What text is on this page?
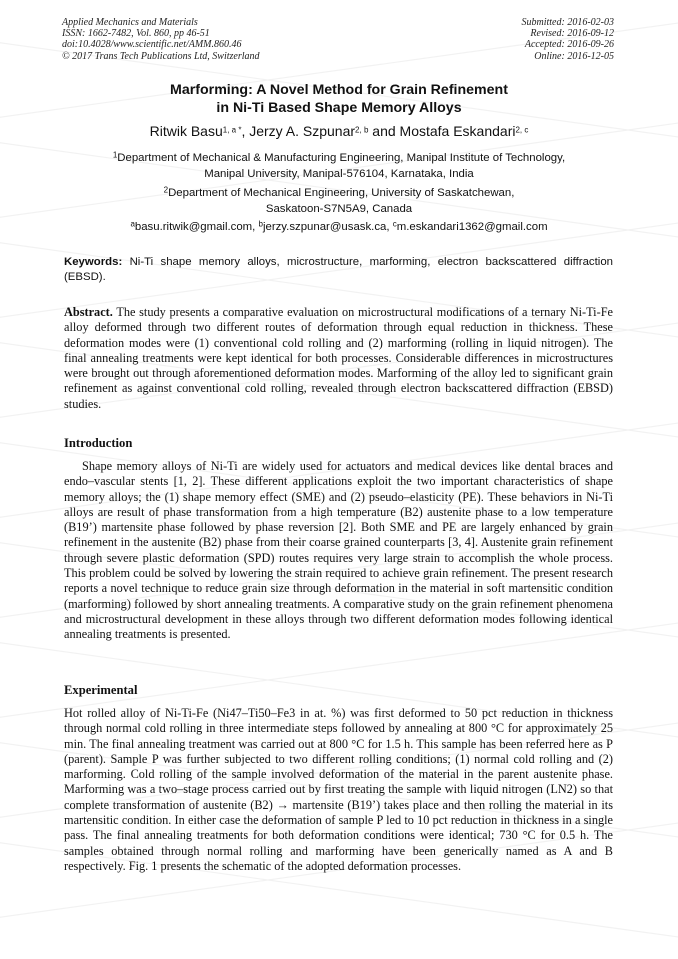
Applied Mechanics and Materials
ISSN: 1662-7482, Vol. 860, pp 46-51
doi:10.4028/www.scientific.net/AMM.860.46
© 2017 Trans Tech Publications Ltd, Switzerland
Submitted: 2016-02-03
Revised: 2016-09-12
Accepted: 2016-09-26
Online: 2016-12-05
Marforming: A Novel Method for Grain Refinement
in Ni-Ti Based Shape Memory Alloys
Ritwik Basu$^{1, a *}$, Jerzy A. Szpunar$^{2, b}$ and Mostafa Eskandari$^{2, c}$
$^1$Department of Mechanical & Manufacturing Engineering, Manipal Institute of Technology,
Manipal University, Manipal-576104, Karnataka, India
$^2$Department of Mechanical Engineering, University of Saskatchewan,
Saskatoon-S7N5A9, Canada
$^a$basu.ritwik@gmail.com, $^b$jerzy.szpunar@usask.ca, $^c$m.eskandari1362@gmail.com
Keywords: Ni-Ti shape memory alloys, microstructure, marforming, electron backscattered diffraction (EBSD).
Abstract. The study presents a comparative evaluation on microstructural modifications of a ternary Ni-Ti-Fe alloy deformed through two different routes of deformation through equal reduction in thickness. These deformation modes were (1) conventional cold rolling and (2) marforming (rolling in liquid nitrogen). The final annealing treatments were kept identical for both processes. Considerable differences in microstructures were brought out through aforementioned deformation modes. Marforming of the alloy led to significant grain refinement as against conventional cold rolling, revealed through electron backscattered diffraction (EBSD) studies.
Introduction
Shape memory alloys of Ni-Ti are widely used for actuators and medical devices like dental braces and endo–vascular stents [1, 2]. These different applications exploit the two important characteristics of shape memory alloys; the (1) shape memory effect (SME) and (2) pseudo–elasticity (PE). These behaviors in Ni-Ti alloys are result of phase transformation from a high temperature (B2) austenite phase to a low temperature (B19’) martensite phase followed by phase reversion [2]. Both SME and PE are largely enhanced by grain refinement in the austenite (B2) phase from their coarse grained counterparts [3, 4]. Austenite grain refinement through severe plastic deformation (SPD) routes requires very large strain to accomplish the whole process. This problem could be solved by lowering the strain required to achieve grain refinement. The present research reports a novel technique to reduce grain size through deformation in the material in soft martensitic condition (marforming) followed by short annealing treatments. A comparative study on the grain refinement phenomena and microstructural development in these alloys through two different deformation modes following identical annealing treatments is presented.
Experimental
Hot rolled alloy of Ni-Ti-Fe (Ni47–Ti50–Fe3 in at. %) was first deformed to 50 pct reduction in thickness through normal cold rolling in three intermediate steps followed by annealing at 800 °C for approximately 25 min. The final annealing treatment was carried out at 800 °C for 1.5 h. This sample has been referred here as P (parent). Sample P was further subjected to two different rolling conditions; (1) normal cold rolling and (2) marforming. Cold rolling of the sample involved deformation of the material in the parent austenite phase. Marforming was a two–stage process carried out by first treating the sample with liquid nitrogen (LN2) so that complete transformation of austenite (B2) → martensite (B19’) takes place and then rolling the material in its martensitic condition. In either case the deformation of sample P led to 10 pct reduction in thickness in a single pass. The final annealing treatments for both deformation conditions were identical; 730 °C for 0.5 h. The samples obtained through normal rolling and marforming have been generically named as A and B respectively. Fig. 1 presents the schematic of the adopted deformation processes.
